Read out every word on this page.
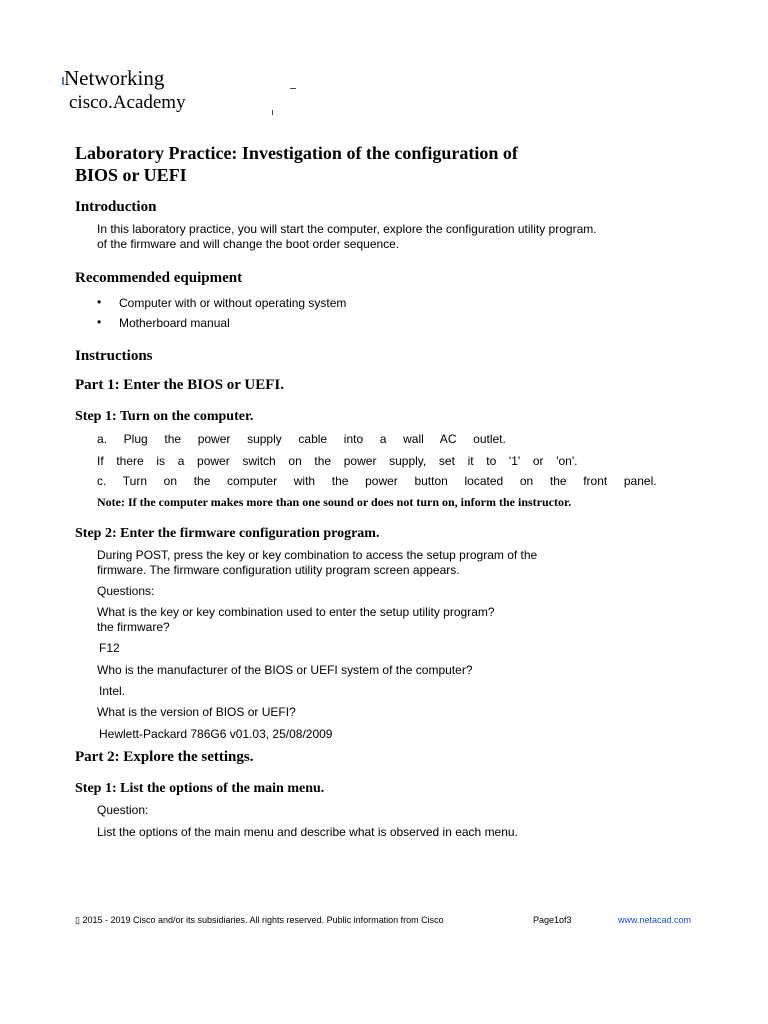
Networking
cisco.Academy
Laboratory Practice: Investigation of the configuration of
BIOS or UEFI
Introduction
In this laboratory practice, you will start the computer, explore the configuration utility program.
of the firmware and will change the boot order sequence.
Recommended equipment
• Computer with or without operating system
• Motherboard manual
Instructions
Part 1: Enter the BIOS or UEFI.
Step 1: Turn on the computer.
a.  Plug  the  power  supply  cable  into  a  wall  AC  outlet.
If  there  is  a  power  switch  on  the  power  supply,  set  it  to  '1'  or  'on'.
c.  Turn  on  the  computer  with  the  power  button  located  on  the  front  panel.
Note: If the computer makes more than one sound or does not turn on, inform the instructor.
Step 2: Enter the firmware configuration program.
During POST, press the key or key combination to access the setup program of the
firmware. The firmware configuration utility program screen appears.
Questions:
What is the key or key combination used to enter the setup utility program?
the firmware?
F12
Who is the manufacturer of the BIOS or UEFI system of the computer?
Intel.
What is the version of BIOS or UEFI?
Hewlett-Packard 786G6 v01.03, 25/08/2009
Part 2: Explore the settings.
Step 1: List the options of the main menu.
Question:
List the options of the main menu and describe what is observed in each menu.
▯ 2015 - 2019 Cisco and/or its subsidiaries. All rights reserved. Public information from Cisco	Page1of3	www.netacad.com
